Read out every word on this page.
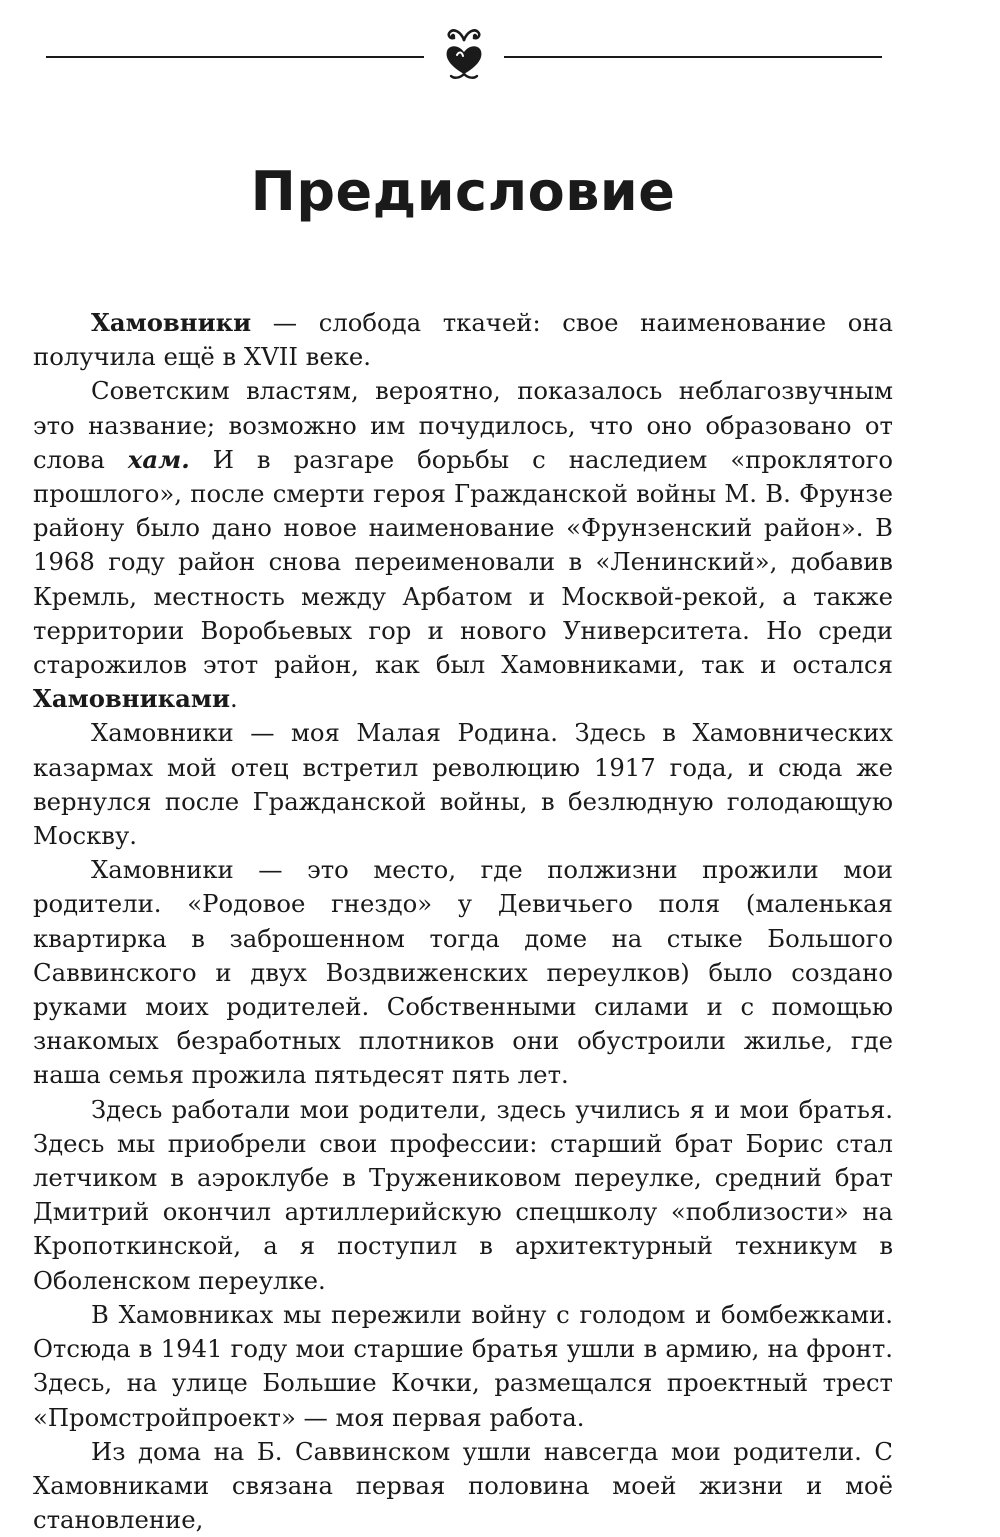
Предисловие

Хамовники — слобода ткачей: свое наименование она получила ещё в XVII веке.

Советским властям, вероятно, показалось неблагозвучным это название; возможно им почудилось, что оно образовано от слова хам. И в разгаре борьбы с наследием «проклятого прошлого», после смерти героя Гражданской войны М. В. Фрунзе району было дано новое наименование «Фрунзенский район». В 1968 году район снова переименовали в «Ленинский», добавив Кремль, местность между Арбатом и Москвой-рекой, а также территории Воробьевых гор и нового Университета. Но среди старожилов этот район, как был Хамовниками, так и остался Хамовниками.

Хамовники — моя Малая Родина. Здесь в Хамовнических казармах мой отец встретил революцию 1917 года, и сюда же вернулся после Гражданской войны, в безлюдную голодающую Москву.

Хамовники — это место, где полжизни прожили мои родители. «Родовое гнездо» у Девичьего поля (маленькая квартирка в заброшенном тогда доме на стыке Большого Саввинского и двух Воздвиженских переулков) было создано руками моих родителей. Собственными силами и с помощью знакомых безработных плотников они обустроили жилье, где наша семья прожила пятьдесят пять лет.

Здесь работали мои родители, здесь учились я и мои братья. Здесь мы приобрели свои профессии: старший брат Борис стал летчиком в аэроклубе в Тружениковом переулке, средний брат Дмитрий окончил артиллерийскую спецшколу «поблизости» на Кропоткинской, а я поступил в архитектурный техникум в Оболенском переулке.

В Хамовниках мы пережили войну с голодом и бомбежками. Отсюда в 1941 году мои старшие братья ушли в армию, на фронт. Здесь, на улице Большие Кочки, размещался проектный трест «Промстройпроект» — моя первая работа.

Из дома на Б. Саввинском ушли навсегда мои родители. С Хамовниками связана первая половина моей жизни и моё становление,
